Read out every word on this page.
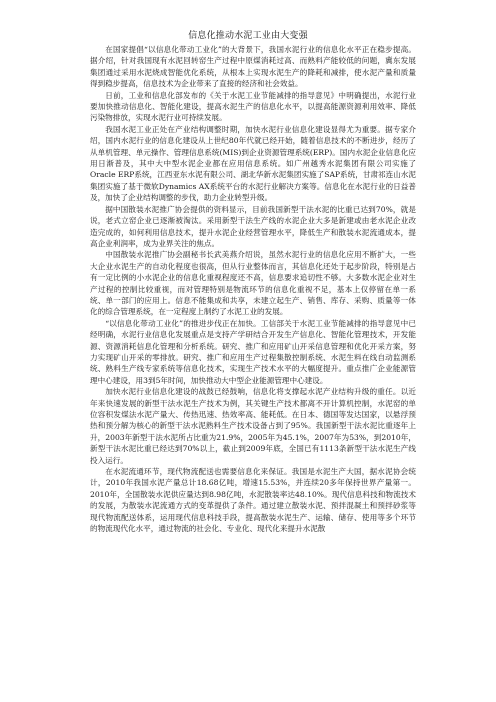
信息化推动水泥工业由大变强

在国家提倡“以信息化带动工业化”的大背景下，我国水泥行业的信息化水平正在稳步提高。据介绍，针对我国现有水泥回转窑生产过程中原煤消耗过高、而熟料产能较低的问题，冀东发展集团通过采用水泥烧成智能优化系统，从根本上实现水泥生产的降耗和减排，使水泥产量和质量得到稳步提高，信息技术为企业带来了直接的经济和社会效益。

日前，工业和信息化部发布的《关于水泥工业节能减排的指导意见》中明确提出，水泥行业要加快推动信息化、智能化建设，提高水泥生产的信息化水平，以提高能源资源利用效率、降低污染物排放，实现水泥行业可持续发展。

我国水泥工业正处在产业结构调整时期，加快水泥行业信息化建设显得尤为重要。据专家介绍，国内水泥行业的信息化建设从上世纪80年代就已经开始，随着信息技术的不断进步，经历了从单机管理、单元操作、管理信息系统(MIS)到企业资源管理系统(ERP)。国内水泥企业信息化应用日渐普及，其中大中型水泥企业都在应用信息系统。如广州越秀水泥集团有限公司实施了Oracle ERP系统，江西亚东水泥有限公司、湖北华新水泥集团实施了SAP系统，甘肃祁连山水泥集团实施了基于微软Dynamics AX系统平台的水泥行业解决方案等。信息化在水泥行业的日益普及，加快了企业结构调整的步伐，助力企业转型升级。

据中国散装水泥推广协会提供的资料显示，目前我国新型干法水泥的比重已达到70%，就是说，老式立窑企业已逐渐被淘汰。采用新型干法生产线的水泥企业大多是新建或由老水泥企业改造完成的，如何利用信息技术，提升水泥企业经营管理水平，降低生产和散装水泥流通成本，提高企业利润率，成为业界关注的焦点。

中国散装水泥推广协会副秘书长武美燕介绍说，虽然水泥行业的信息化应用不断扩大，一些大企业水泥生产的自动化程度也很高，但从行业整体而言，其信息化还处于起步阶段，特别是占有一定比例的小水泥企业的信息化重视程度还不高，信息要求追切性不够。大多数水泥企业对生产过程的控制比较重视，而对管理特别是物流环节的信息化重视不足，基本上仅停留在单一系统、单一部门的应用上。信息不能集成和共享，未建立起生产、销售、库存、采购、质量等一体化的综合管理系统，在一定程度上制约了水泥工业的发展。

“以信息化带动工业化”的推进步伐正在加快。工信部关于水泥工业节能减排的指导意见中已经明确，水泥行业信息化发展重点是支持产学研结合开发生产信息化、智能化管理技术，开发能源、资源消耗信息化管理和分析系统。研究、推广和应用矿山开采信息管理和优化开采方案，努力实现矿山开采的零排放。研究、推广和应用生产过程集散控制系统、水泥生料在线自动监测系统、熟料生产线专家系统等信息化技术，实现生产技术水平的大幅度提升。重点推广企业能源管理中心建设，用3到5年时间，加快推动大中型企业能源管理中心建设。

加快水泥行业信息化建设的战鼓已经鼓响，信息化将支撑起水泥产业结构升级的重任。以近年来快速发展的新型干法水泥生产技术为例，其关键生产技术都离不开计算机控制，水泥窑的单位容积发煤法水泥产量大、传热迅速、热效率高、能耗低。在日本、德国等发达国家，以悬浮预热和预分解为核心的新型干法水泥熟料生产技术设备占到了95%。我国新型干法水泥比重逐年上升，2003年新型干法水泥所占比重为21.9%，2005年为45.1%，2007年为53%，到2010年，新型干法水泥比重已经达到70%以上，截止到2009年底，全国已有1113条新型干法水泥生产线投入运行。

在水泥流通环节，现代物流配送也需要信息化来保证。我国是水泥生产大国，据水泥协会统计，2010年我国水泥产量总计18.68亿吨，增速15.53%，并连续20多年保持世界产量第一。2010年，全国散装水泥供应量达到8.98亿吨，水泥散装率达48.10%。现代信息科技和物流技术的发展，为散装水泥流通方式的变革提供了条件。通过建立散装水泥、预拌混凝土和预拌砂浆等现代物流配送体系，运用现代信息科技手段，提高散装水泥生产、运输、储存、使用等多个环节的物流现代化水平，通过物流的社会化、专业化、现代化来提升水泥散
